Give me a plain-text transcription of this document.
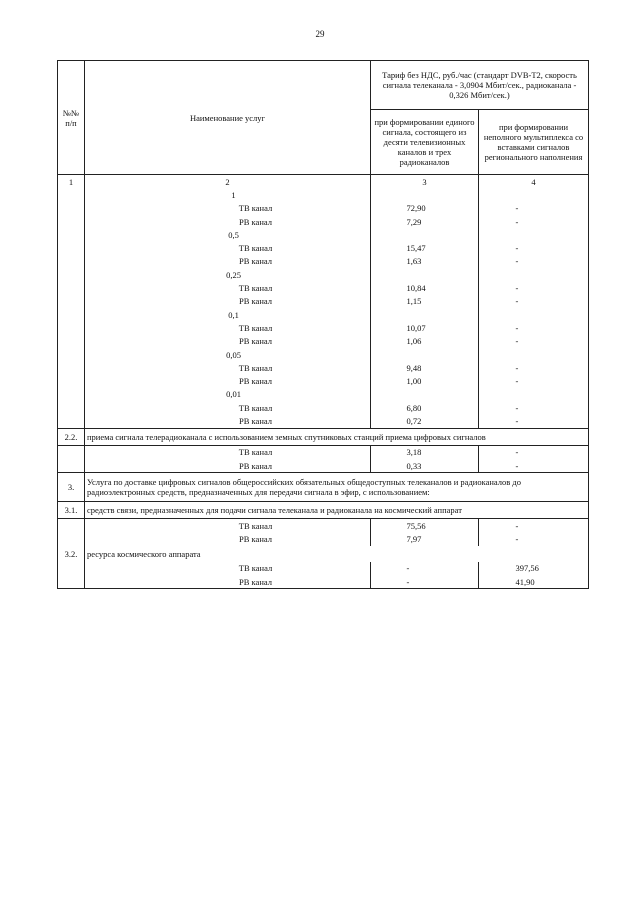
29
№№ п/п	Наименование услуг	Тариф без НДС, руб./час (стандарт DVB-T2, скорость сигнала телеканала - 3,0904 Мбит/сек., радиоканала - 0,326 Мбит/сек.)	
		при формировании единого сигнала, состоящего из десяти телевизионных каналов и трех радиоканалов	при формировании неполного мультиплекса со вставками сигналов регионального наполнения
1	2	3	4
	1		
	ТВ канал	72,90	-
	РВ канал	7,29	-
	0,5		
	ТВ канал	15,47	-
	РВ канал	1,63	-
	0,25		
	ТВ канал	10,84	-
	РВ канал	1,15	-
	0,1		
	ТВ канал	10,07	-
	РВ канал	1,06	-
	0,05		
	ТВ канал	9,48	-
	РВ канал	1,00	-
	0,01		
	ТВ канал	6,80	-
	РВ канал	0,72	-
2.2.	приема сигнала телерадиоканала с использованием земных спутниковых станций приема цифровых сигналов		
	ТВ канал	3,18	-
	РВ канал	0,33	-
3.	Услуга по доставке цифровых сигналов общероссийских обязательных общедоступных телеканалов и радиоканалов до радиоэлектронных средств, предназначенных для передачи сигнала в эфир, с использованием:		
3.1.	средств связи, предназначенных для подачи сигнала телеканала и радиоканала на космический аппарат		
	ТВ канал	75,56	-
	РВ канал	7,97	-
3.2.	ресурса космического аппарата		
	ТВ канал	-	397,56
	РВ канал	-	41,90
